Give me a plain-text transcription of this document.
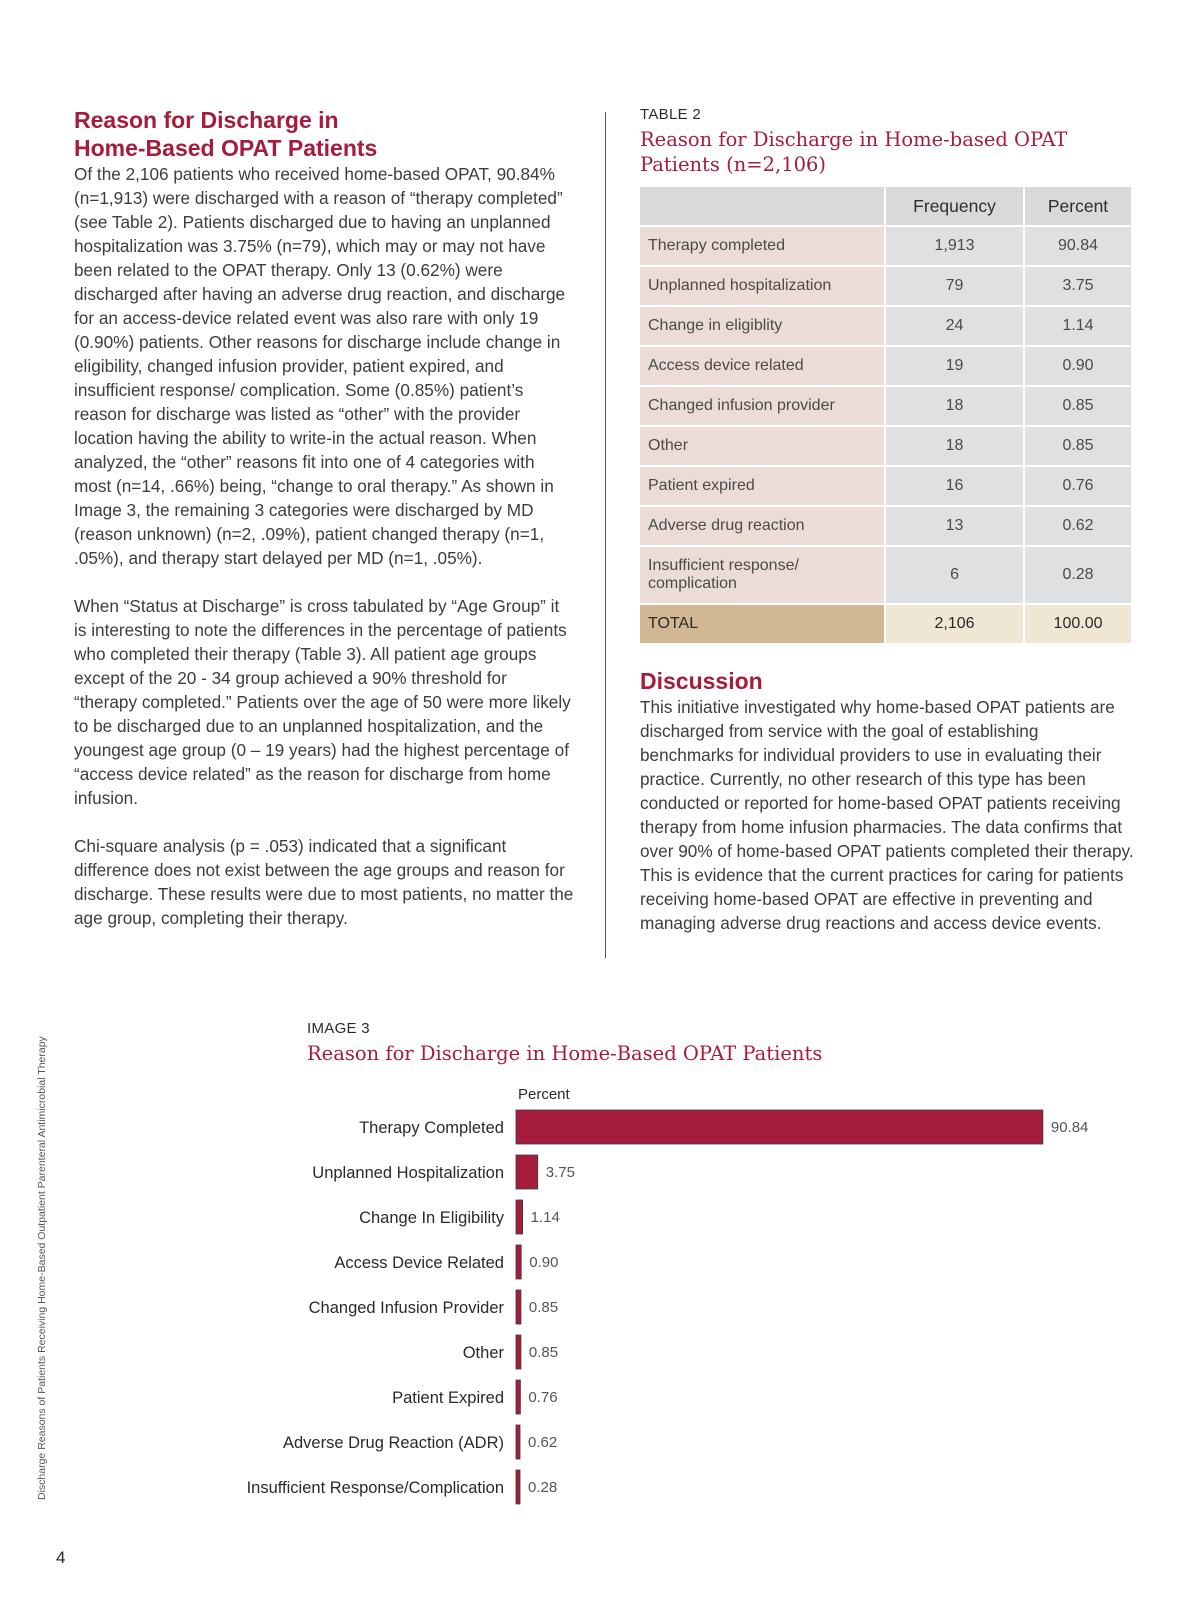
Reason for Discharge in
Home-Based OPAT Patients

Of the 2,106 patients who received home-based OPAT, 90.84% (n=1,913) were discharged with a reason of “therapy completed” (see Table 2). Patients discharged due to having an unplanned hospitalization was 3.75% (n=79), which may or may not have been related to the OPAT therapy. Only 13 (0.62%) were discharged after having an adverse drug reaction, and discharge for an access-device related event was also rare with only 19 (0.90%) patients. Other reasons for discharge include change in eligibility, changed infusion provider, patient expired, and insufficient response/ complication. Some (0.85%) patient’s reason for discharge was listed as “other” with the provider location having the ability to write-in the actual reason. When analyzed, the “other” reasons fit into one of 4 categories with most (n=14, .66%) being, “change to oral therapy.” As shown in Image 3, the remaining 3 categories were discharged by MD (reason unknown) (n=2, .09%), patient changed therapy (n=1, .05%), and therapy start delayed per MD (n=1, .05%).

When “Status at Discharge” is cross tabulated by “Age Group” it is interesting to note the differences in the percentage of patients who completed their therapy (Table 3). All patient age groups except of the 20 - 34 group achieved a 90% threshold for “therapy completed.” Patients over the age of 50 were more likely to be discharged due to an unplanned hospitalization, and the youngest age group (0 – 19 years) had the highest percentage of “access device related” as the reason for discharge from home infusion.

Chi-square analysis (p = .053) indicated that a significant difference does not exist between the age groups and reason for discharge. These results were due to most patients, no matter the age group, completing their therapy.

TABLE 2

Reason for Discharge in Home-based OPAT Patients (n=2,106)
	Frequency	Percent
Therapy completed	1,913	90.84
Unplanned hospitalization	79	3.75
Change in eligiblity	24	1.14
Access device related	19	0.90
Changed infusion provider	18	0.85
Other	18	0.85
Patient expired	16	0.76
Adverse drug reaction	13	0.62
Insufficient response/ complication	6	0.28
TOTAL	2,106	100.00
Discussion

This initiative investigated why home-based OPAT patients are discharged from service with the goal of establishing benchmarks for individual providers to use in evaluating their practice. Currently, no other research of this type has been conducted or reported for home-based OPAT patients receiving therapy from home infusion pharmacies. The data confirms that over 90% of home-based OPAT patients completed their therapy. This is evidence that the current practices for caring for patients receiving home-based OPAT are effective in preventing and managing adverse drug reactions and access device events.

IMAGE 3
Reason for Discharge in Home-Based OPAT Patients
Percent
Therapy Completed	90.84
Unplanned Hospitalization	3.75
Change In Eligibility 1.14
Access Device Related 0.90
Changed Infusion Provider 0.85
Other 0.85
Patient Expired 0.76
Adverse Drug Reaction (ADR) 0.62
Insufficient Response/Complication 0.28
Discharge Reasons of Patients Receiving Home-Based Outpatient Parenteral Antimicrobial Therapy
4
